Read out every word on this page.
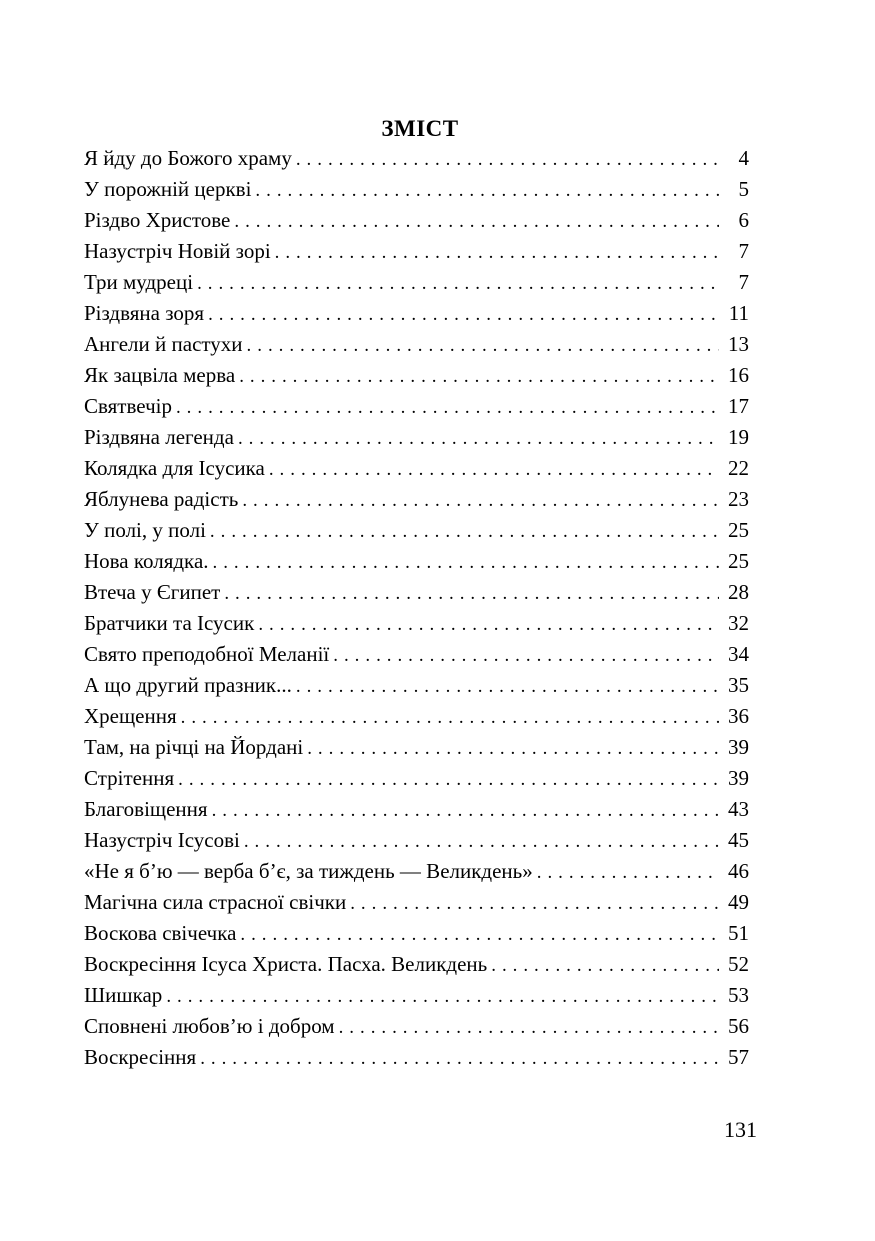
ЗМІСТ
Я йду до Божого храму . . .	4
У порожній церкві . . .	5
Різдво Христове . . .	6
Назустріч Новій зорі . . .	7
Три мудреці . . .	7
Різдвяна зоря . . .	11
Ангели й пастухи . . .	13
Як зацвіла мерва . . .	16
Святвечір . . .	17
Різдвяна легенда . . .	19
Колядка для Ісусика . . .	22
Яблунева радість . . .	23
У полі, у полі . . .	25
Нова колядка. . . .	25
Втеча у Єгипет . . .	28
Братчики та Ісусик . . .	32
Свято преподобної Меланії . . .	34
А що другий празник... . . .	35
Хрещення . . .	36
Там, на річці на Йордані . . .	39
Стрітення . . .	39
Благовіщення . . .	43
Назустріч Ісусові . . .	45
«Не я б’ю — верба б’є, за тиждень — Великдень» . . .	46
Магічна сила страсної свічки . . .	49
Воскова свічечка . . .	51
Воскресіння Ісуса Христа. Пасха. Великдень . . .	52
Шишкар . . .	53
Сповнені любов’ю і добром . . .	56
Воскресіння . . .	57
131
